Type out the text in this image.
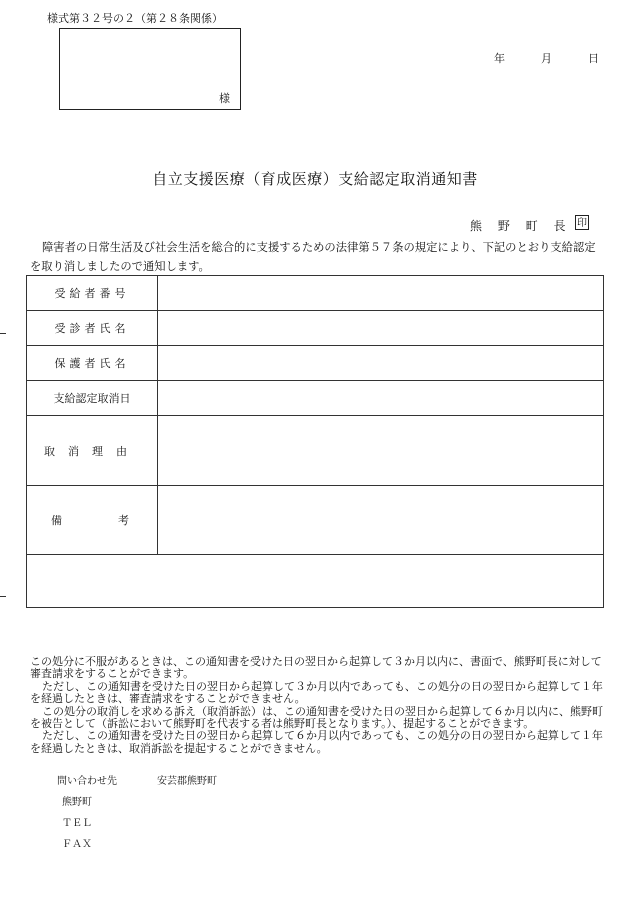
様式第３２号の２（第２８条関係）
様
年	月	日
自立支援医療（育成医療）支給認定取消通知書
熊 野 町 長 印
障害者の日常生活及び社会生活を総合的に支援するための法律第５７条の規定により、下記のとおり支給認定を取り消しましたので通知します。
受給者番号	
受診者氏名	
保護者氏名	
支給認定取消日	
取消理由	

備 考	

この処分に不服があるときは、この通知書を受けた日の翌日から起算して３か月以内に、書面で、熊野町長に対して審査請求をすることができます。

ただし、この通知書を受けた日の翌日から起算して３か月以内であっても、この処分の日の翌日から起算して１年を経過したときは、審査請求をすることができません。

この処分の取消しを求める訴え（取消訴訟）は、この通知書を受けた日の翌日から起算して６か月以内に、熊野町を被告として（訴訟において熊野町を代表する者は熊野町長となります。）、提起することができます。

ただし、この通知書を受けた日の翌日から起算して６か月以内であっても、この処分の日の翌日から起算して１年を経過したときは、取消訴訟を提起することができません。

問い合わせ先	安芸郡熊野町
熊野町
ＴＥＬ
ＦＡＸ
